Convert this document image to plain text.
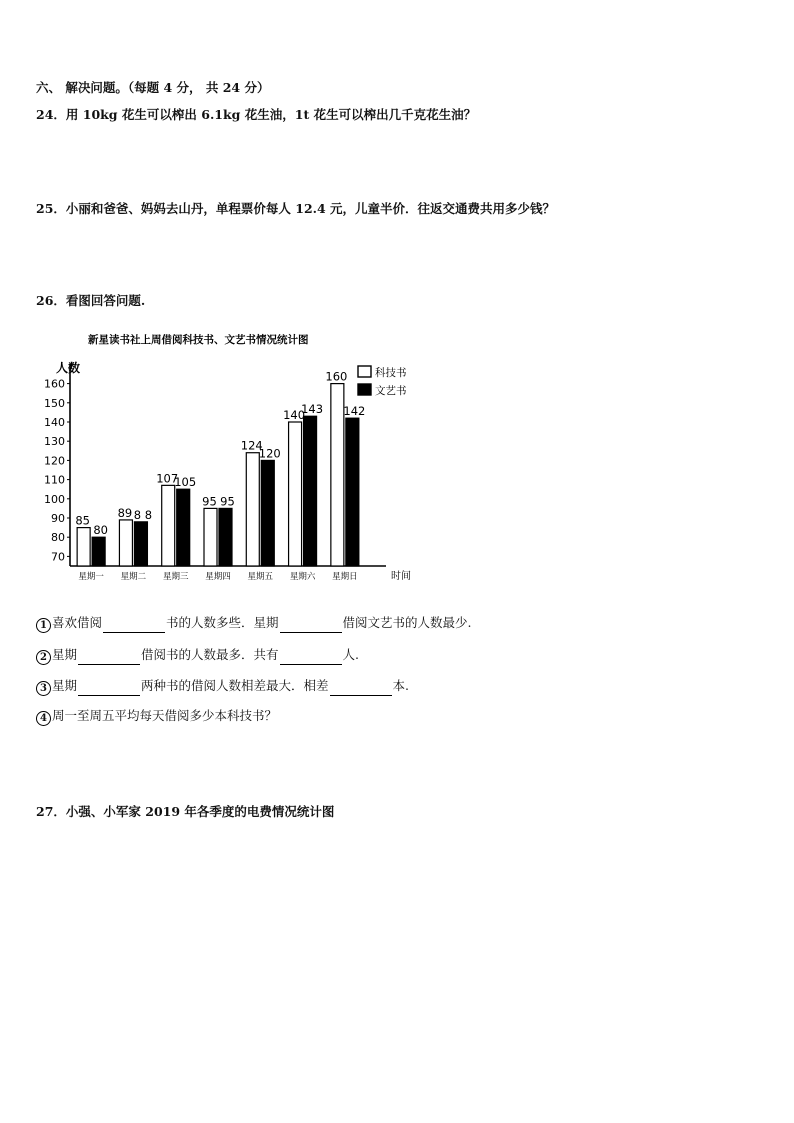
六、 解决问题。（每题 4 分， 共 24 分）
24．用 10kg 花生可以榨出 6.1kg 花生油，1t 花生可以榨出几千克花生油？
25．小丽和爸爸、妈妈去山丹，单程票价每人 12.4 元，儿童半价．往返交通费共用多少钱？
26．看图回答问题.
新星读书社上周借阅科技书、文艺书情况统计图
人数
时间
70
80
90
100
110
120
130
140
150
160
85
80
89 8 8
107
105
95 95
124
120
140
143
160
142
星期一 星期二 星期三 星期四 星期五 星期六 星期日
科技书
文艺书
1 喜欢借阅	书的人数多些．星期	借阅文艺书的人数最少.
2 星期	借阅书的人数最多．共有	人.
3 星期	两种书的借阅人数相差最大．相差	本.
4 周一至周五平均每天借阅多少本科技书？
27．小强、小军家 2019 年各季度的电费情况统计图
